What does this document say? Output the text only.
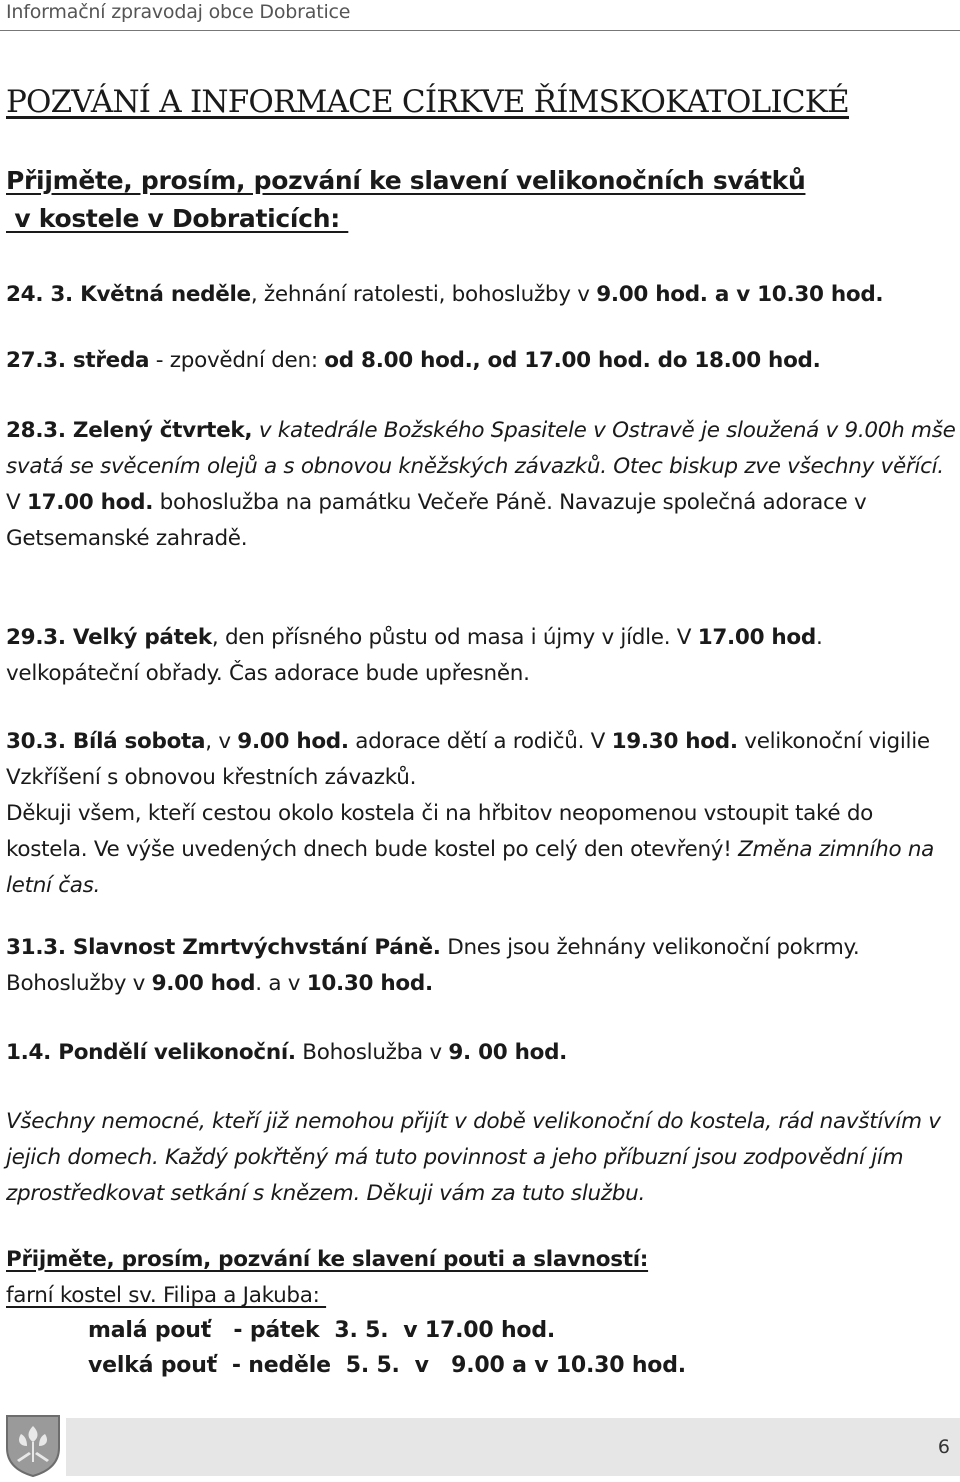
Informační zpravodaj obce Dobratice
POZVÁNÍ A INFORMACE CÍRKVE ŘÍMSKOKATOLICKÉ
Přijměte, prosím, pozvání ke slavení velikonočních svátků
v kostele v Dobraticích:

24. 3. Květná neděle, žehnání ratolesti, bohoslužby v 9.00 hod. a v 10.30 hod.

27.3. středa - zpovědní den: od 8.00 hod., od 17.00 hod. do 18.00 hod.

28.3. Zelený čtvrtek, v katedrále Božského Spasitele v Ostravě je sloužená v 9.00h mše svatá se svěcením olejů a s obnovou kněžských závazků. Otec biskup zve všechny věřící.

V 17.00 hod. bohoslužba na památku Večeře Páně. Navazuje společná adorace v Getsemanské zahradě.

29.3. Velký pátek, den přísného půstu od masa i újmy v jídle. V 17.00 hod. velkopáteční obřady. Čas adorace bude upřesněn.

30.3. Bílá sobota, v 9.00 hod. adorace dětí a rodičů. V 19.30 hod. velikonoční vigilie Vzkříšení s obnovou křestních závazků.

Děkuji všem, kteří cestou okolo kostela či na hřbitov neopomenou vstoupit také do kostela. Ve výše uvedených dnech bude kostel po celý den otevřený! Změna zimního na letní čas.

31.3. Slavnost Zmrtvýchvstání Páně. Dnes jsou žehnány velikonoční pokrmy.

Bohoslužby v 9.00 hod. a v 10.30 hod.

1.4. Pondělí velikonoční. Bohoslužba v 9. 00 hod.

Všechny nemocné, kteří již nemohou přijít v době velikonoční do kostela, rád navštívím v jejich domech. Každý pokřtěný má tuto povinnost a jeho příbuzní jsou zodpovědní jím zprostředkovat setkání s knězem. Děkuji vám za tuto službu.

Přijměte, prosím, pozvání ke slavení pouti a slavností:

farní kostel sv. Filipa a Jakuba:

malá pouť   - pátek  3. 5.  v 17.00 hod.
velká pouť  - neděle  5. 5.  v   9.00 a v 10.30 hod.
6
